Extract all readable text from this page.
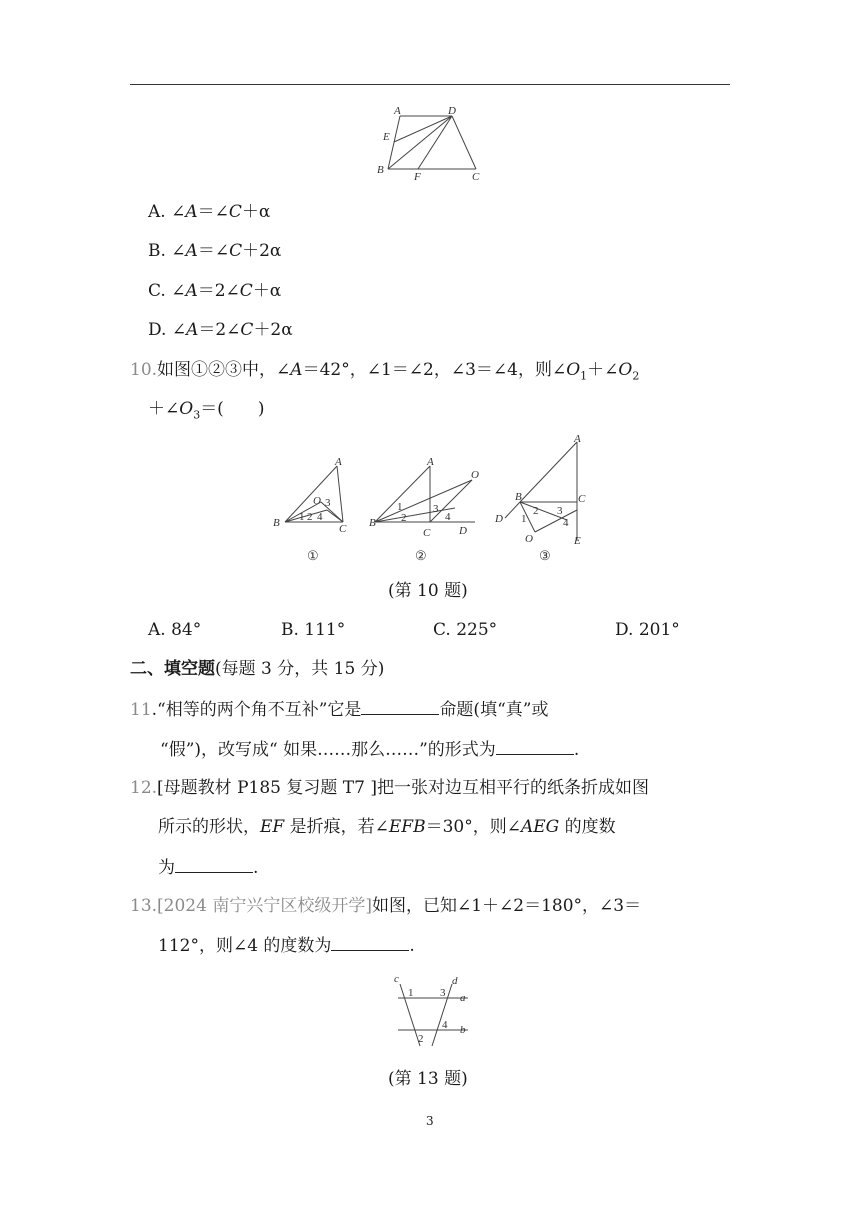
A	D
E
B
F	C
A. ∠A＝∠C＋α
B. ∠A＝∠C＋2α
C. ∠A＝2∠C＋α
D. ∠A＝2∠C＋2α
10.如图①②③中，∠A＝42°，∠1＝∠2，∠3＝∠4，则$\angle O_1+\angle O_2$
$+\angle O_3=$(　　)
A
B	C
O
2 4
3
1
A
B
C	D
O
1
2
3
4
A
B	C
D
E
O
1
2 3
4
①	②	③
(第 10 题)
A. 84°	B. 111°	C. 225°	D. 201°
二、填空题(每题 3 分，共 15 分)
11.“相等的两个角不互补”它是	命题(填“真”或
“假”)，改写成“ 如果……那么……”的形式为	.
12.[母题教材 P185 复习题 T7 ]把一张对边互相平行的纸条折成如图
所示的形状，EF 是折痕，若∠EFB＝30°，则∠AEG 的度数
为	.
13.[2024 南宁兴宁区校级开学]如图，已知∠1＋∠2＝180°，∠3＝
112°，则∠4 的度数为	.
c	d
a
b
1 3
4
2
(第 13 题)
3
